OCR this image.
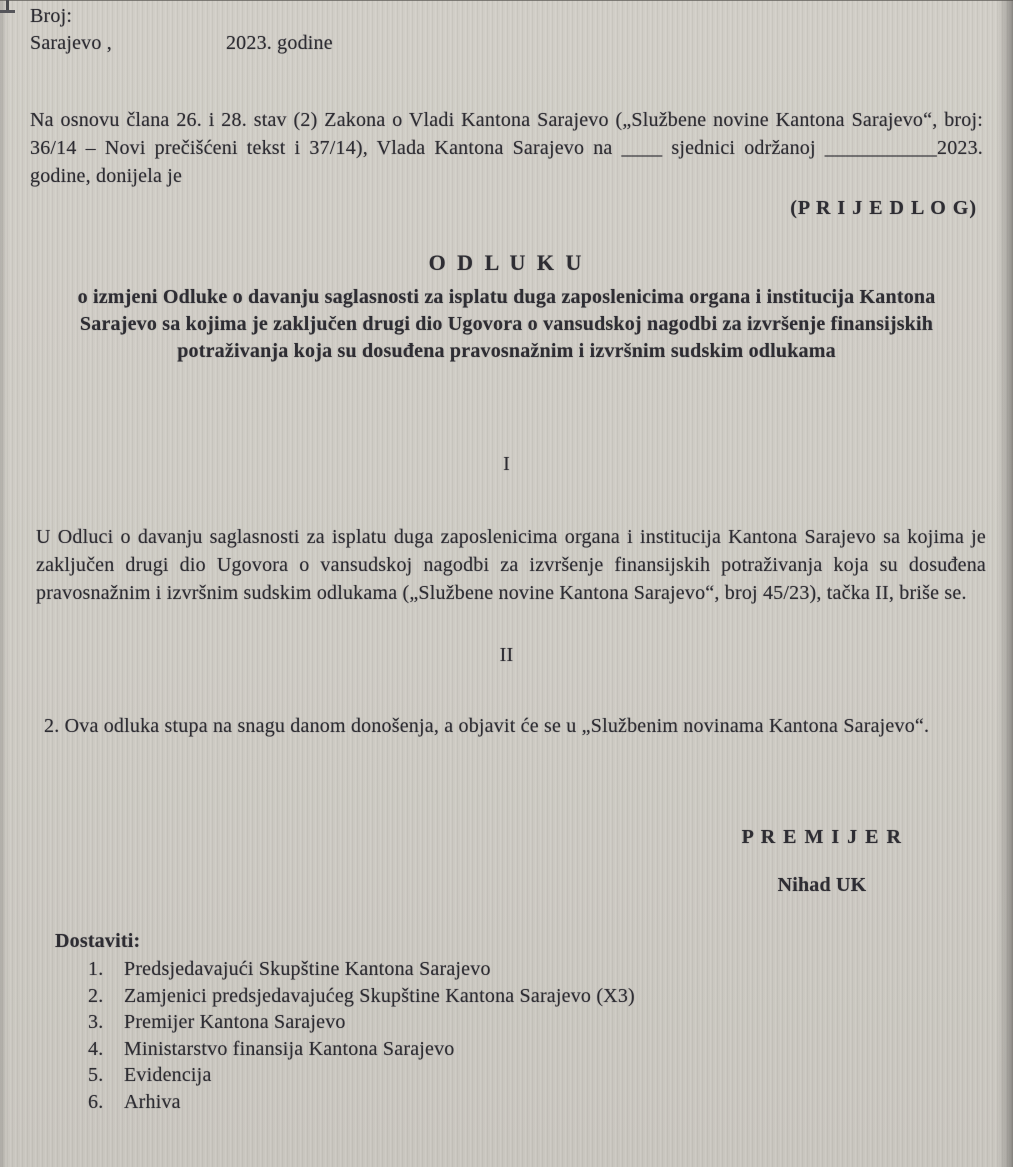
Broj:
Sarajevo ,	2023. godine

Na osnovu člana 26. i 28. stav (2) Zakona o Vladi Kantona Sarajevo („Službene novine Kantona Sarajevo“, broj: 36/14 – Novi prečišćeni tekst i 37/14), Vlada Kantona Sarajevo na ____ sjednici održanoj ___________2023. godine, donijela je

(P R I J E D L O G)
O D L U K U
o izmjeni Odluke o davanju saglasnosti za isplatu duga zaposlenicima organa i institucija Kantona Sarajevo sa kojima je zaključen drugi dio Ugovora o vansudskoj nagodbi za izvršenje finansijskih potraživanja koja su dosuđena pravosnažnim i izvršnim sudskim odlukama
I

U Odluci o davanju saglasnosti za isplatu duga zaposlenicima organa i institucija Kantona Sarajevo sa kojima je zaključen drugi dio Ugovora o vansudskoj nagodbi za izvršenje finansijskih potraživanja koja su dosuđena pravosnažnim i izvršnim sudskim odlukama („Službene novine Kantona Sarajevo“, broj 45/23), tačka II, briše se.

II

2. Ova odluka stupa na snagu danom donošenja, a objavit će se u „Službenim novinama Kantona Sarajevo“.

P R E M I J E R
Nihad UK
Dostaviti:
Predsjedavajući Skupštine Kantona Sarajevo
Zamjenici predsjedavajućeg Skupštine Kantona Sarajevo (X3)
Premijer Kantona Sarajevo
Ministarstvo finansija Kantona Sarajevo
Evidencija
Arhiva
